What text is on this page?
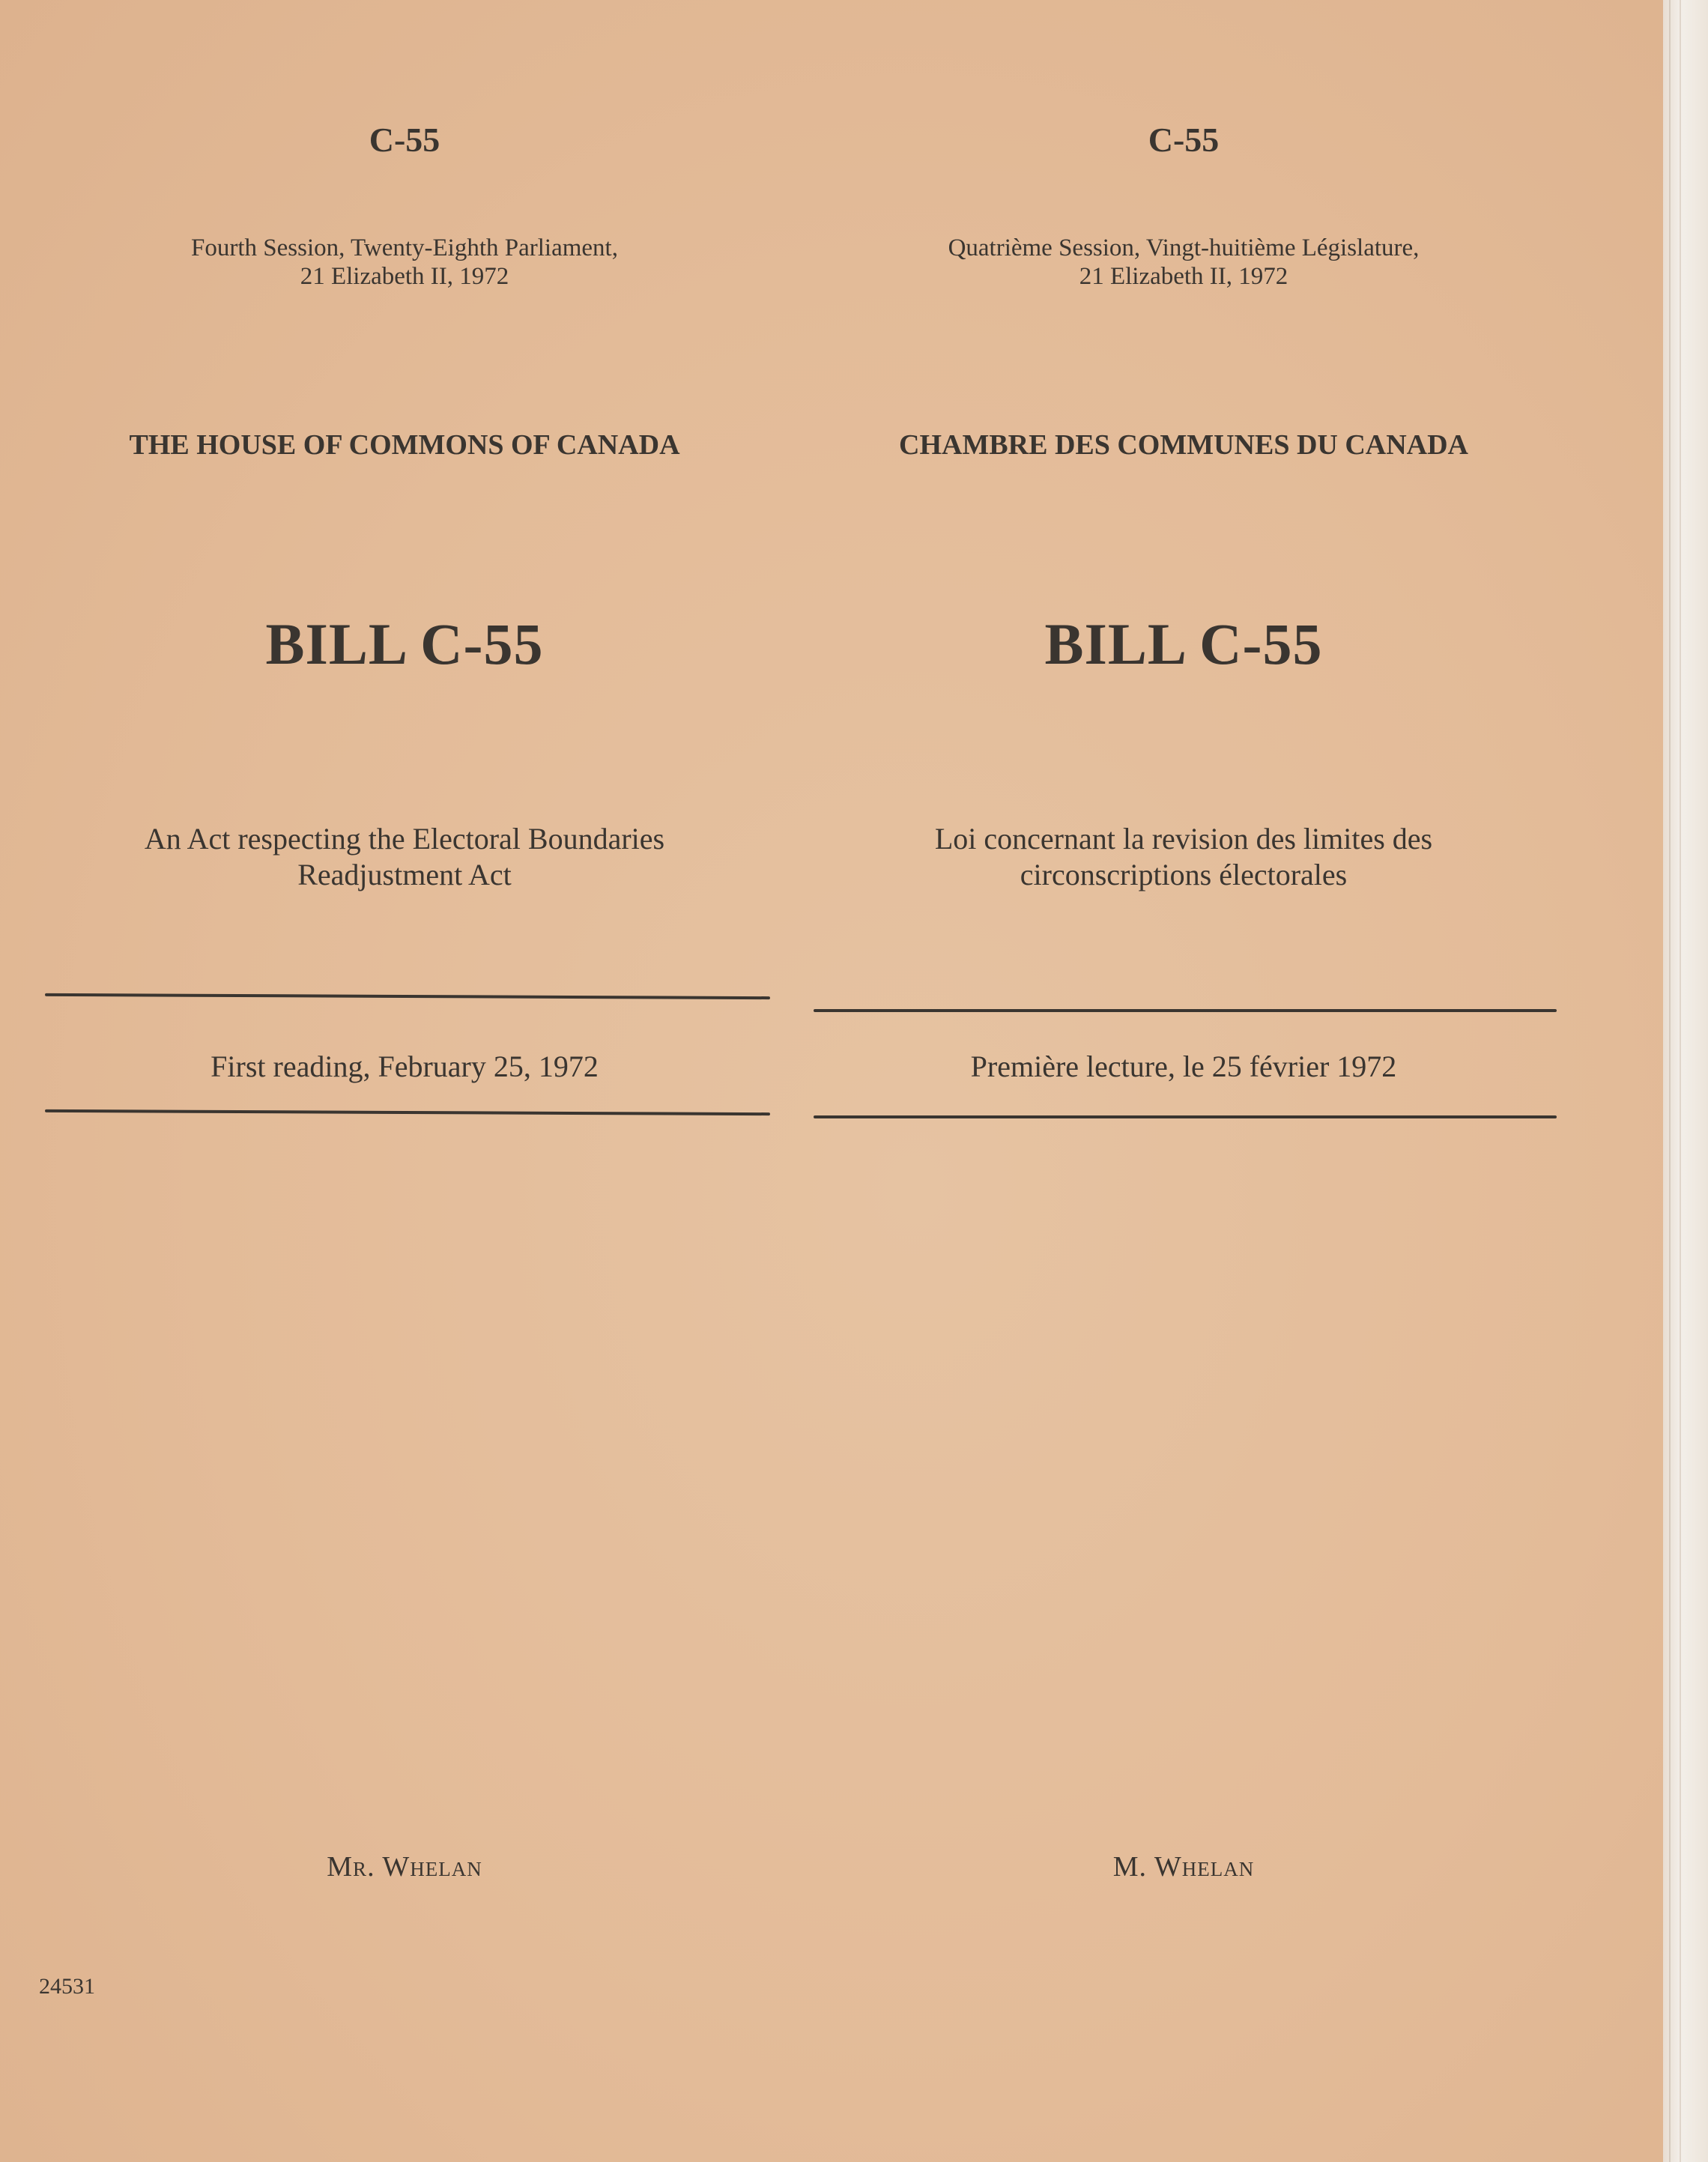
C-55
Fourth Session, Twenty-Eighth Parliament,
21 Elizabeth II, 1972
THE HOUSE OF COMMONS OF CANADA
BILL C-55
An Act respecting the Electoral Boundaries
Readjustment Act
First reading, February 25, 1972
Mr. Whelan
C-55
Quatrième Session, Vingt-huitième Législature,
21 Elizabeth II, 1972
CHAMBRE DES COMMUNES DU CANADA
BILL C-55
Loi concernant la revision des limites des
circonscriptions électorales
Première lecture, le 25 février 1972
M. Whelan
24531
